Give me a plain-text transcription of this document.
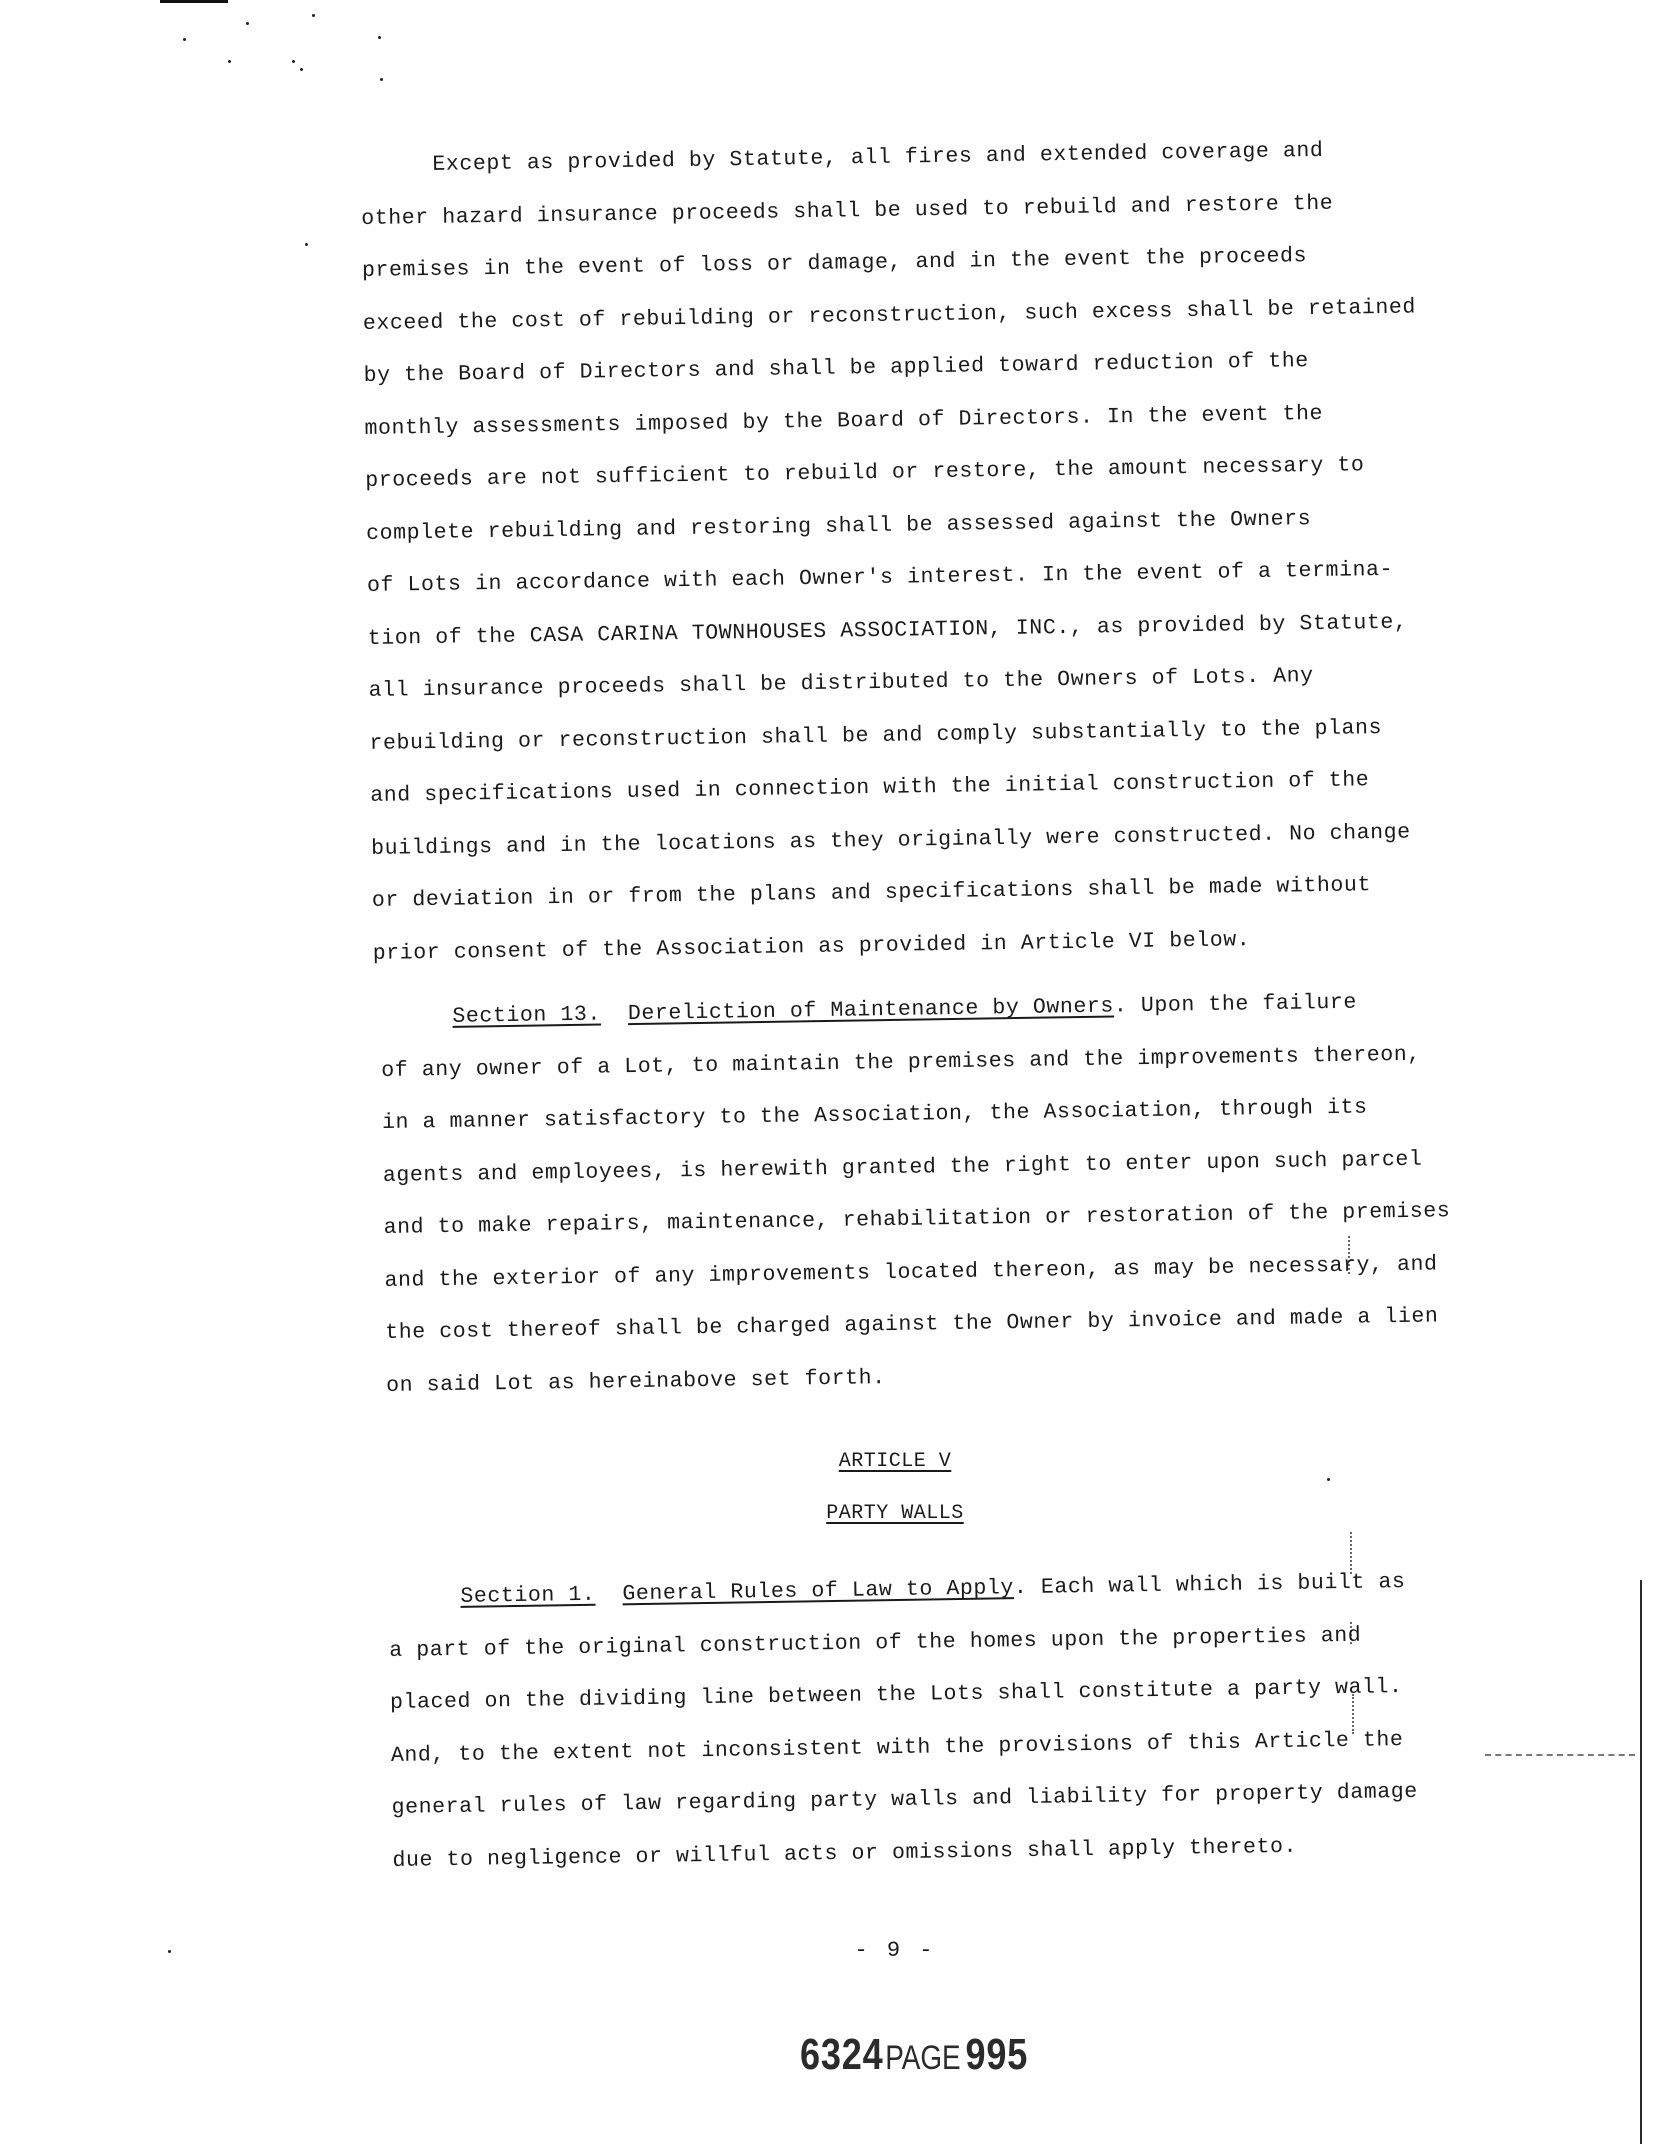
Except as provided by Statute, all fires and extended coverage and
other hazard insurance proceeds shall be used to rebuild and restore the
premises in the event of loss or damage, and in the event the proceeds
exceed the cost of rebuilding or reconstruction, such excess shall be retained
by the Board of Directors and shall be applied toward reduction of the
monthly assessments imposed by the Board of Directors. In the event the
proceeds are not sufficient to rebuild or restore, the amount necessary to
complete rebuilding and restoring shall be assessed against the Owners
of Lots in accordance with each Owner's interest. In the event of a termina-
tion of the CASA CARINA TOWNHOUSES ASSOCIATION, INC., as provided by Statute,
all insurance proceeds shall be distributed to the Owners of Lots. Any
rebuilding or reconstruction shall be and comply substantially to the plans
and specifications used in connection with the initial construction of the
buildings and in the locations as they originally were constructed. No change
or deviation in or from the plans and specifications shall be made without
prior consent of the Association as provided in Article VI below.
Section 13. Dereliction of Maintenance by Owners. Upon the failure
of any owner of a Lot, to maintain the premises and the improvements thereon,
in a manner satisfactory to the Association, the Association, through its
agents and employees, is herewith granted the right to enter upon such parcel
and to make repairs, maintenance, rehabilitation or restoration of the premises
and the exterior of any improvements located thereon, as may be necessary, and
the cost thereof shall be charged against the Owner by invoice and made a lien
on said Lot as hereinabove set forth.
ARTICLE V
PARTY WALLS
Section 1. General Rules of Law to Apply. Each wall which is built as
a part of the original construction of the homes upon the properties and
placed on the dividing line between the Lots shall constitute a party wall.
And, to the extent not inconsistent with the provisions of this Article the
general rules of law regarding party walls and liability for property damage
due to negligence or willful acts or omissions shall apply thereto.
- 9 -
6324PAGE 995
